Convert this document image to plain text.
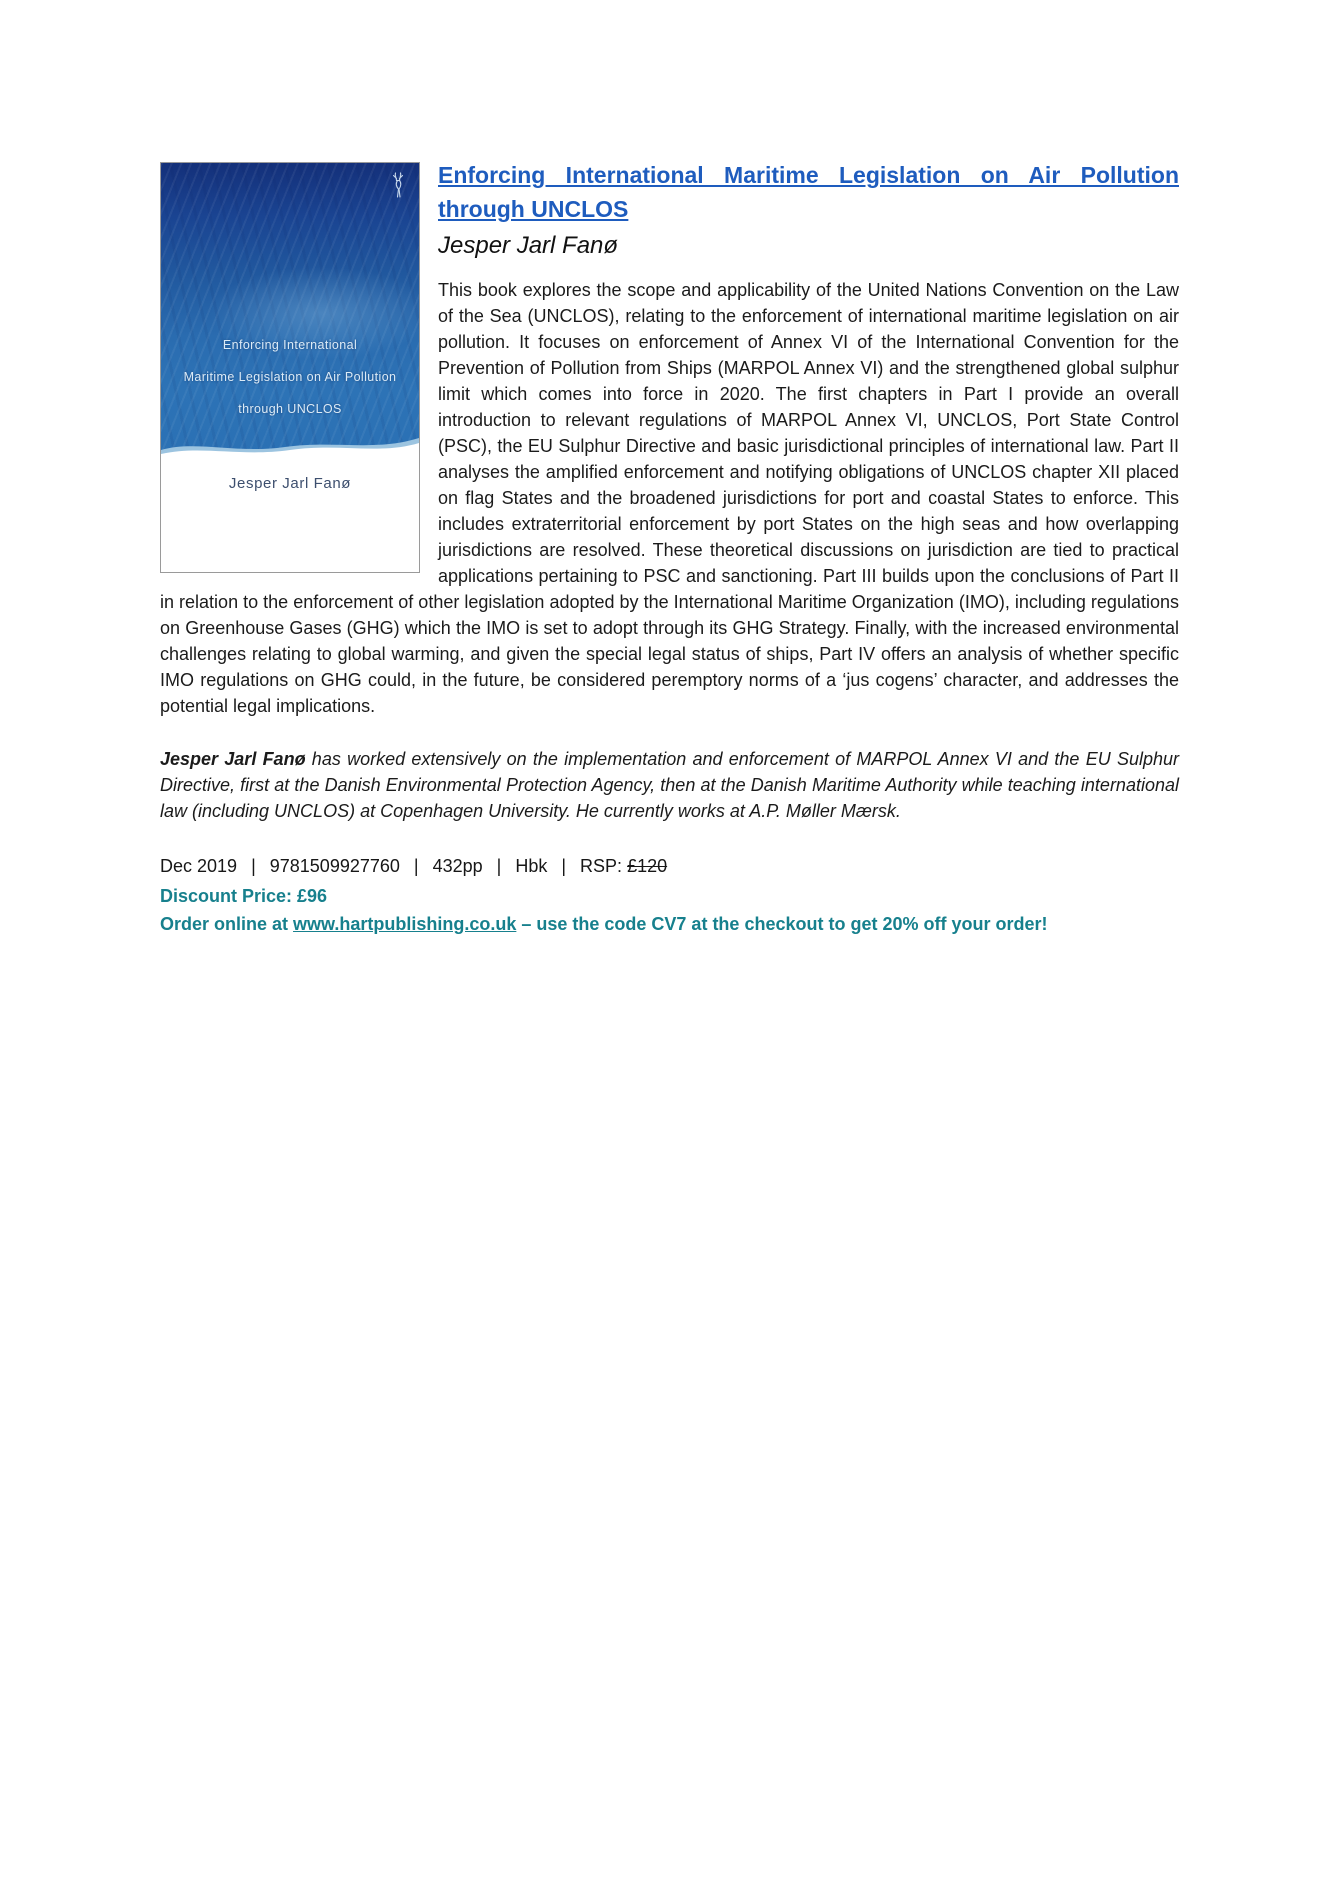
Enforcing International
Maritime Legislation on Air Pollution
through UNCLOS
Jesper Jarl Fanø
Enforcing International Maritime Legislation on Air Pollution
through UNCLOS
Jesper Jarl Fanø

This book explores the scope and applicability of the United Nations Convention on the Law of the Sea (UNCLOS), relating to the enforcement of international maritime legislation on air pollution. It focuses on enforcement of Annex VI of the International Convention for the Prevention of Pollution from Ships (MARPOL Annex VI) and the strengthened global sulphur limit which comes into force in 2020. The first chapters in Part I provide an overall introduction to relevant regulations of MARPOL Annex VI, UNCLOS, Port State Control (PSC), the EU Sulphur Directive and basic jurisdictional principles of international law. Part II analyses the amplified enforcement and notifying obligations of UNCLOS chapter XII placed on flag States and the broadened jurisdictions for port and coastal States to enforce. This includes extraterritorial enforcement by port States on the high seas and how overlapping jurisdictions are resolved. These theoretical discussions on jurisdiction are tied to practical applications pertaining to PSC and sanctioning. Part III builds upon the conclusions of Part II in relation to the enforcement of other legislation adopted by the International Maritime Organization (IMO), including regulations on Greenhouse Gases (GHG) which the IMO is set to adopt through its GHG Strategy. Finally, with the increased environmental challenges relating to global warming, and given the special legal status of ships, Part IV offers an analysis of whether specific IMO regulations on GHG could, in the future, be considered peremptory norms of a ‘jus cogens’ character, and addresses the potential legal implications.

Jesper Jarl Fanø has worked extensively on the implementation and enforcement of MARPOL Annex VI and the EU Sulphur Directive, first at the Danish Environmental Protection Agency, then at the Danish Maritime Authority while teaching international law (including UNCLOS) at Copenhagen University. He currently works at A.P. Møller Mærsk.

Dec 2019 | 9781509927760 | 432pp | Hbk | RSP: £120
Discount Price: £96
Order online at www.hartpublishing.co.uk – use the code CV7 at the checkout to get 20% off your order!
